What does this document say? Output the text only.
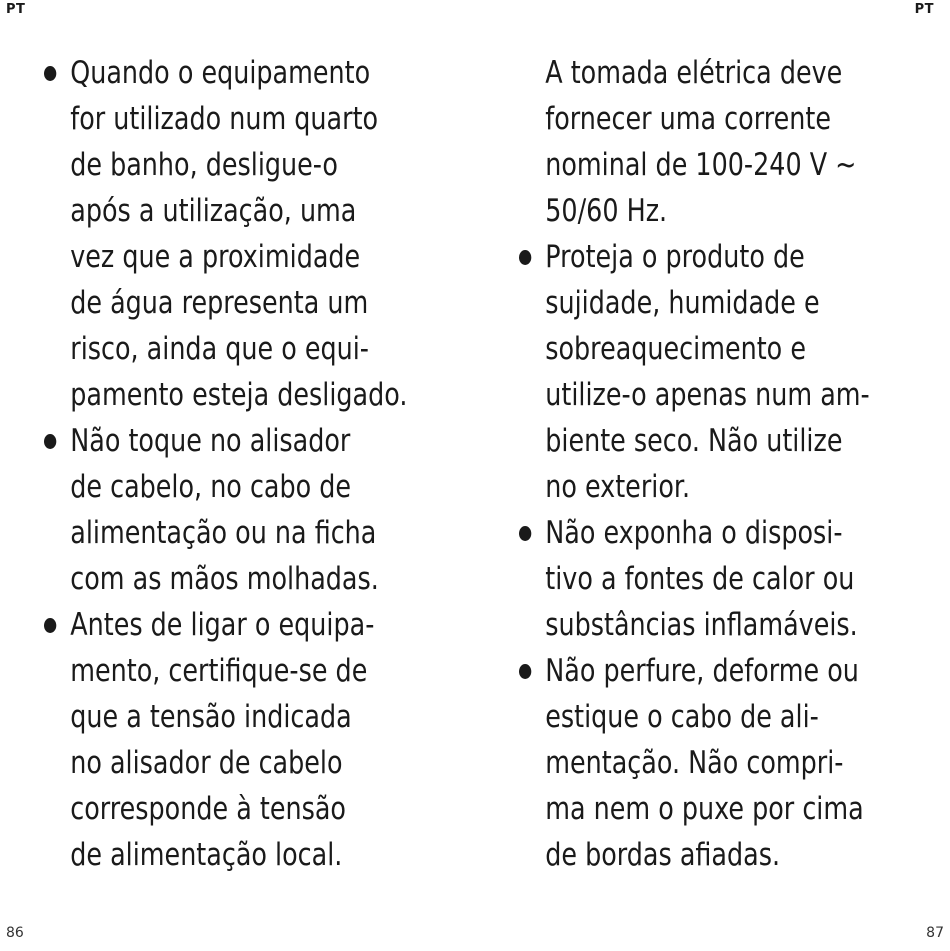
PT
Quando o equipamento
for utilizado num quarto
de banho, desligue-o
após a utilização, uma
vez que a proximidade
de água representa um
risco, ainda que o equi-
pamento esteja desligado.
Não toque no alisador
de cabelo, no cabo de
alimentação ou na ficha
com as mãos molhadas.
Antes de ligar o equipa-
mento, certifique-se de
que a tensão indicada
no alisador de cabelo
corresponde à tensão
de alimentação local.
86
PT
A tomada elétrica deve
fornecer uma corrente
nominal de 100-240 V ~
50/60 Hz.
Proteja o produto de
sujidade, humidade e
sobreaquecimento e
utilize-o apenas num am-
biente seco. Não utilize
no exterior.
Não exponha o disposi-
tivo a fontes de calor ou
substâncias inflamáveis.
Não perfure, deforme ou
estique o cabo de ali-
mentação. Não compri-
ma nem o puxe por cima
de bordas afiadas.
87
